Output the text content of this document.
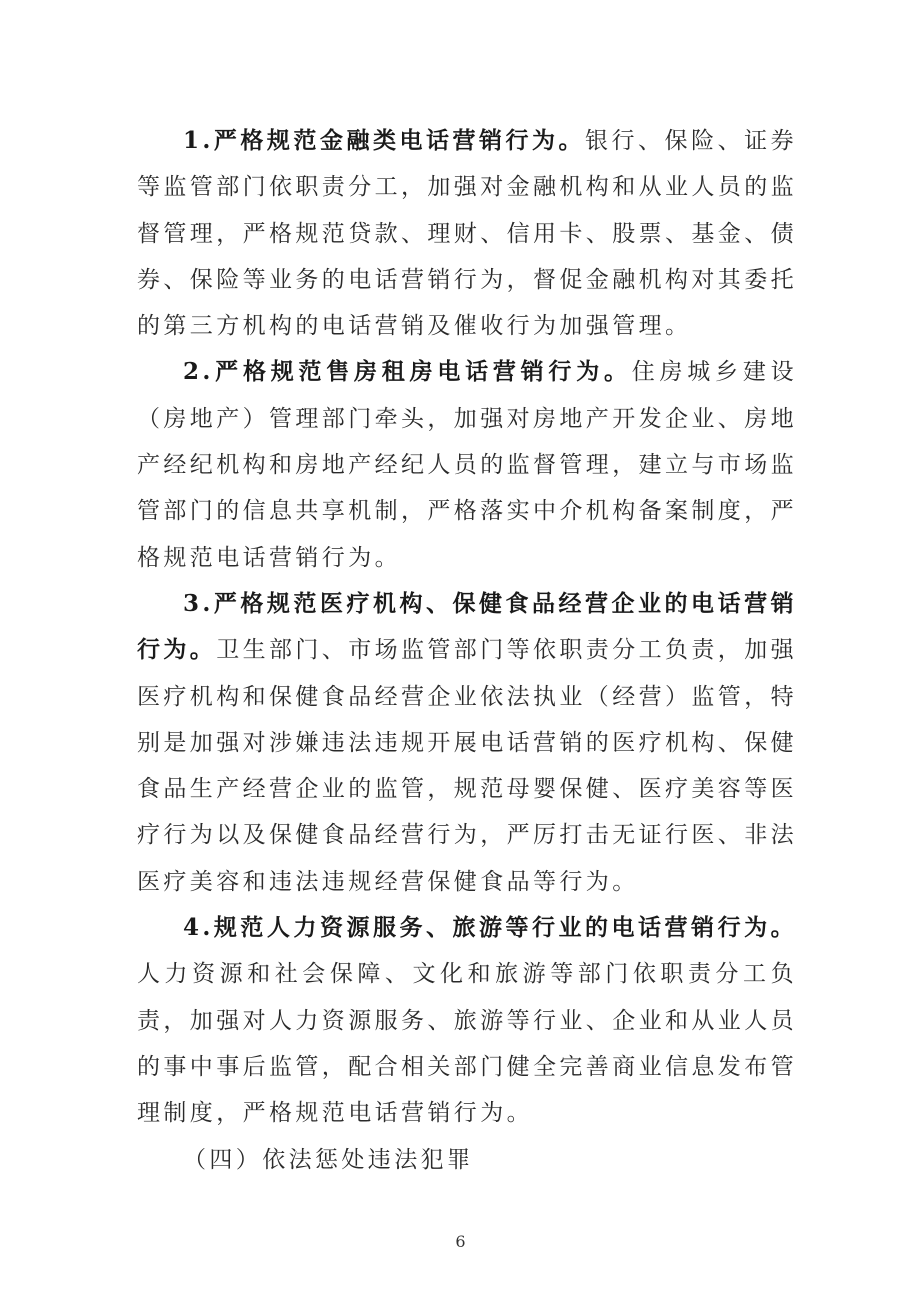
1.严格规范金融类电话营销行为。银行、保险、证券等监管部门依职责分工，加强对金融机构和从业人员的监督管理，严格规范贷款、理财、信用卡、股票、基金、债券、保险等业务的电话营销行为，督促金融机构对其委托的第三方机构的电话营销及催收行为加强管理。

2.严格规范售房租房电话营销行为。住房城乡建设（房地产）管理部门牵头，加强对房地产开发企业、房地产经纪机构和房地产经纪人员的监督管理，建立与市场监管部门的信息共享机制，严格落实中介机构备案制度，严格规范电话营销行为。

3.严格规范医疗机构、保健食品经营企业的电话营销行为。卫生部门、市场监管部门等依职责分工负责，加强医疗机构和保健食品经营企业依法执业（经营）监管，特别是加强对涉嫌违法违规开展电话营销的医疗机构、保健食品生产经营企业的监管，规范母婴保健、医疗美容等医疗行为以及保健食品经营行为，严厉打击无证行医、非法医疗美容和违法违规经营保健食品等行为。

4.规范人力资源服务、旅游等行业的电话营销行为。人力资源和社会保障、文化和旅游等部门依职责分工负责，加强对人力资源服务、旅游等行业、企业和从业人员的事中事后监管，配合相关部门健全完善商业信息发布管理制度，严格规范电话营销行为。

（四）依法惩处违法犯罪

6
